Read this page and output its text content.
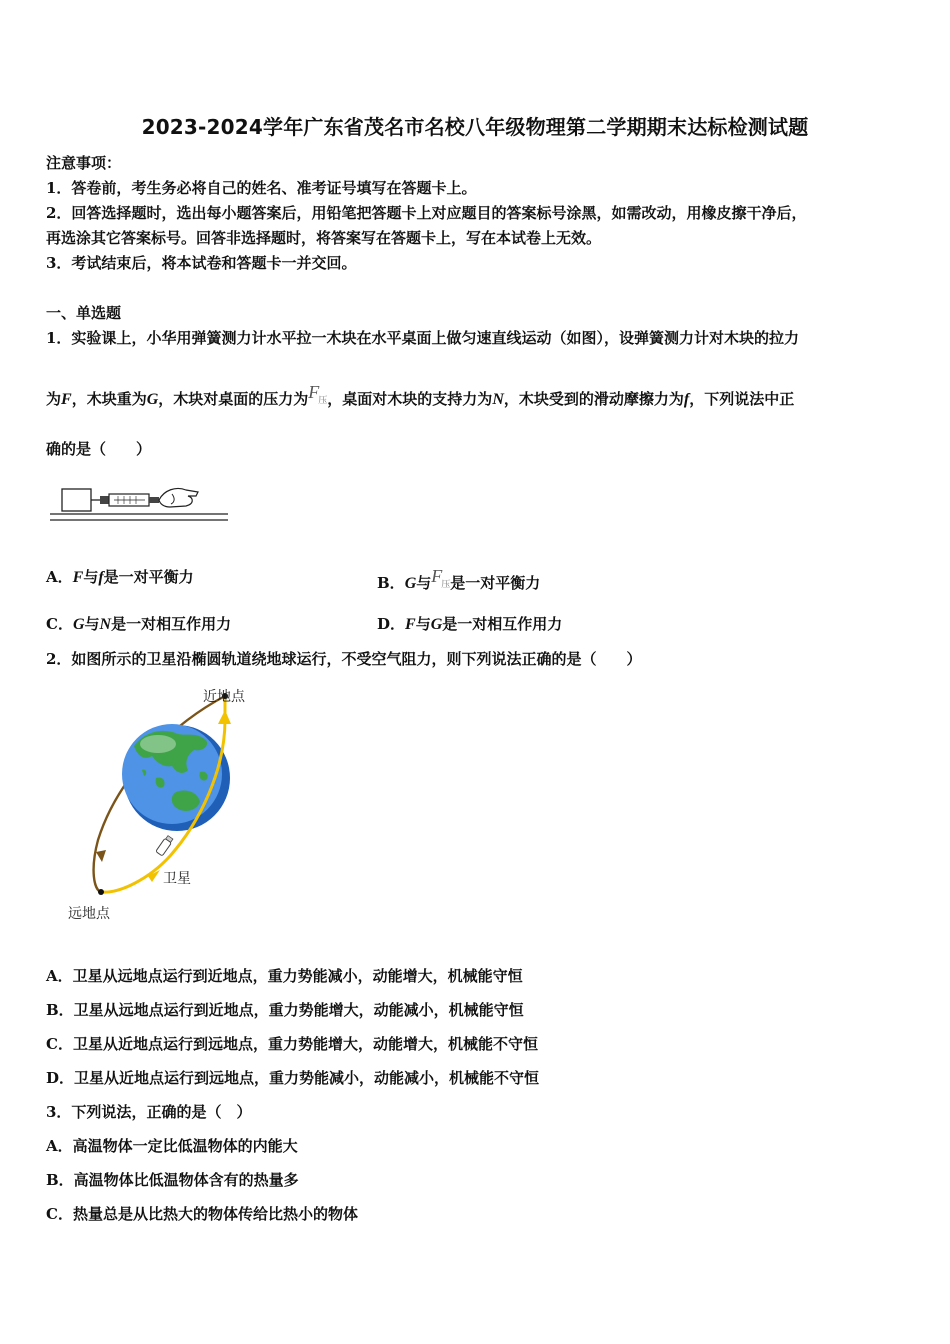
2023-2024学年广东省茂名市名校八年级物理第二学期期末达标检测试题
注意事项：
1．答卷前，考生务必将自己的姓名、准考证号填写在答题卡上。
2．回答选择题时，选出每小题答案后，用铅笔把答题卡上对应题目的答案标号涂黑，如需改动，用橡皮擦干净后，
再选涂其它答案标号。回答非选择题时，将答案写在答题卡上，写在本试卷上无效。
3．考试结束后，将本试卷和答题卡一并交回。
一、单选题
1．实验课上，小华用弹簧测力计水平拉一木块在水平桌面上做匀速直线运动（如图），设弹簧测力计对木块的拉力
为F，木块重为G，木块对桌面的压力为$F_压$，桌面对木块的支持力为N，木块受到的滑动摩擦力为f，下列说法中正
确的是（　　）
A．F与f是一对平衡力	B．G与$F_压$是一对平衡力
C．G与N是一对相互作用力	D．F与G是一对相互作用力
2．如图所示的卫星沿椭圆轨道绕地球运行，不受空气阻力，则下列说法正确的是（　　）
近地点
卫星
远地点
A．卫星从远地点运行到近地点，重力势能减小，动能增大，机械能守恒
B．卫星从远地点运行到近地点，重力势能增大，动能减小，机械能守恒
C．卫星从近地点运行到远地点，重力势能增大，动能增大，机械能不守恒
D．卫星从近地点运行到远地点，重力势能减小，动能减小，机械能不守恒
3．下列说法，正确的是（　）
A．高温物体一定比低温物体的内能大
B．高温物体比低温物体含有的热量多
C．热量总是从比热大的物体传给比热小的物体
